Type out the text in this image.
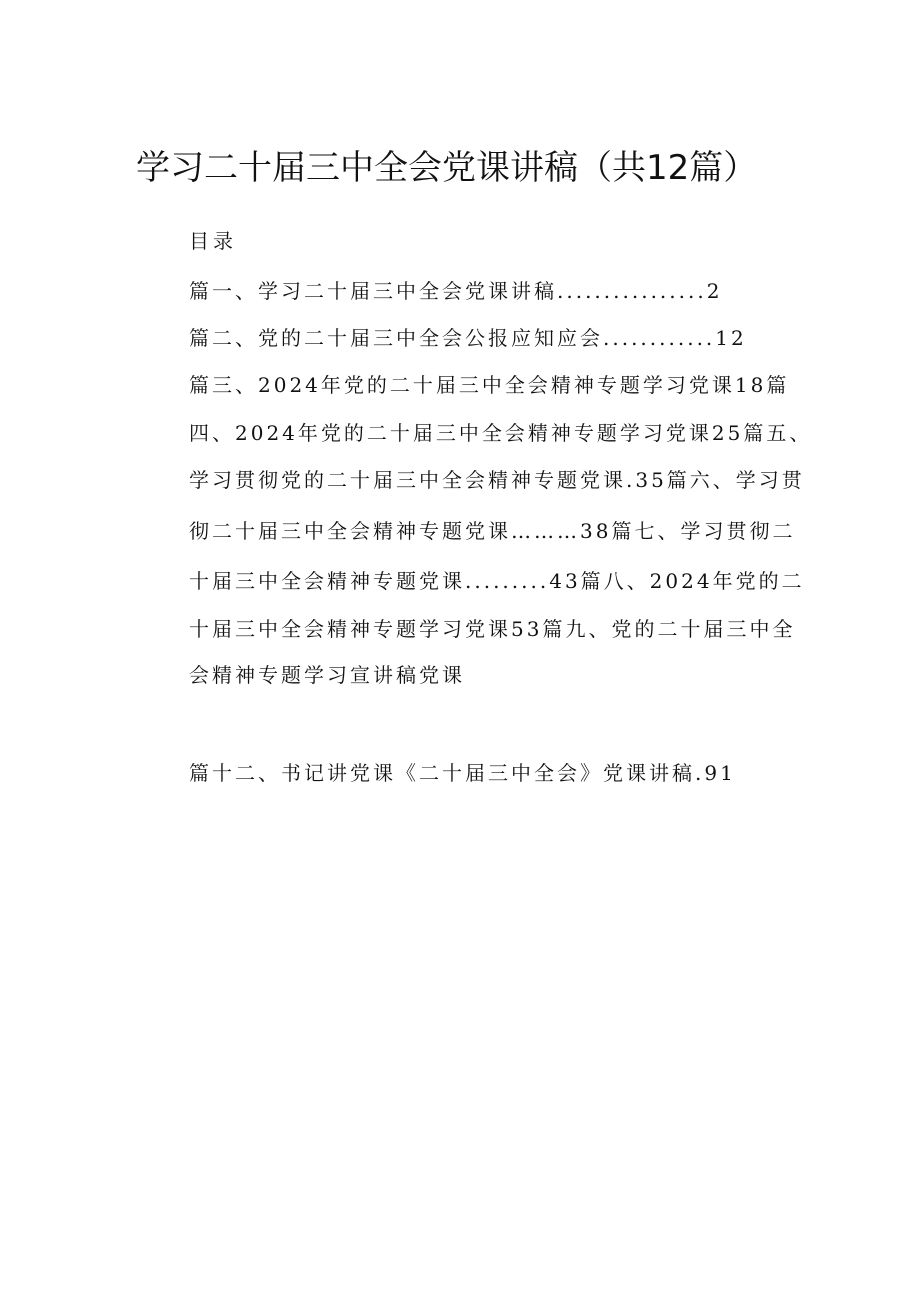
学习二十届三中全会党课讲稿（共12篇）
目录
篇一、学习二十届三中全会党课讲稿................2
篇二、党的二十届三中全会公报应知应会............12
篇三、2024年党的二十届三中全会精神专题学习党课18篇
四、2024年党的二十届三中全会精神专题学习党课25篇五、
学习贯彻党的二十届三中全会精神专题党课.35篇六、学习贯
彻二十届三中全会精神专题党课………38篇七、学习贯彻二
十届三中全会精神专题党课.........43篇八、2024年党的二
十届三中全会精神专题学习党课53篇九、党的二十届三中全
会精神专题学习宣讲稿党课
篇十二、书记讲党课《二十届三中全会》党课讲稿.91
